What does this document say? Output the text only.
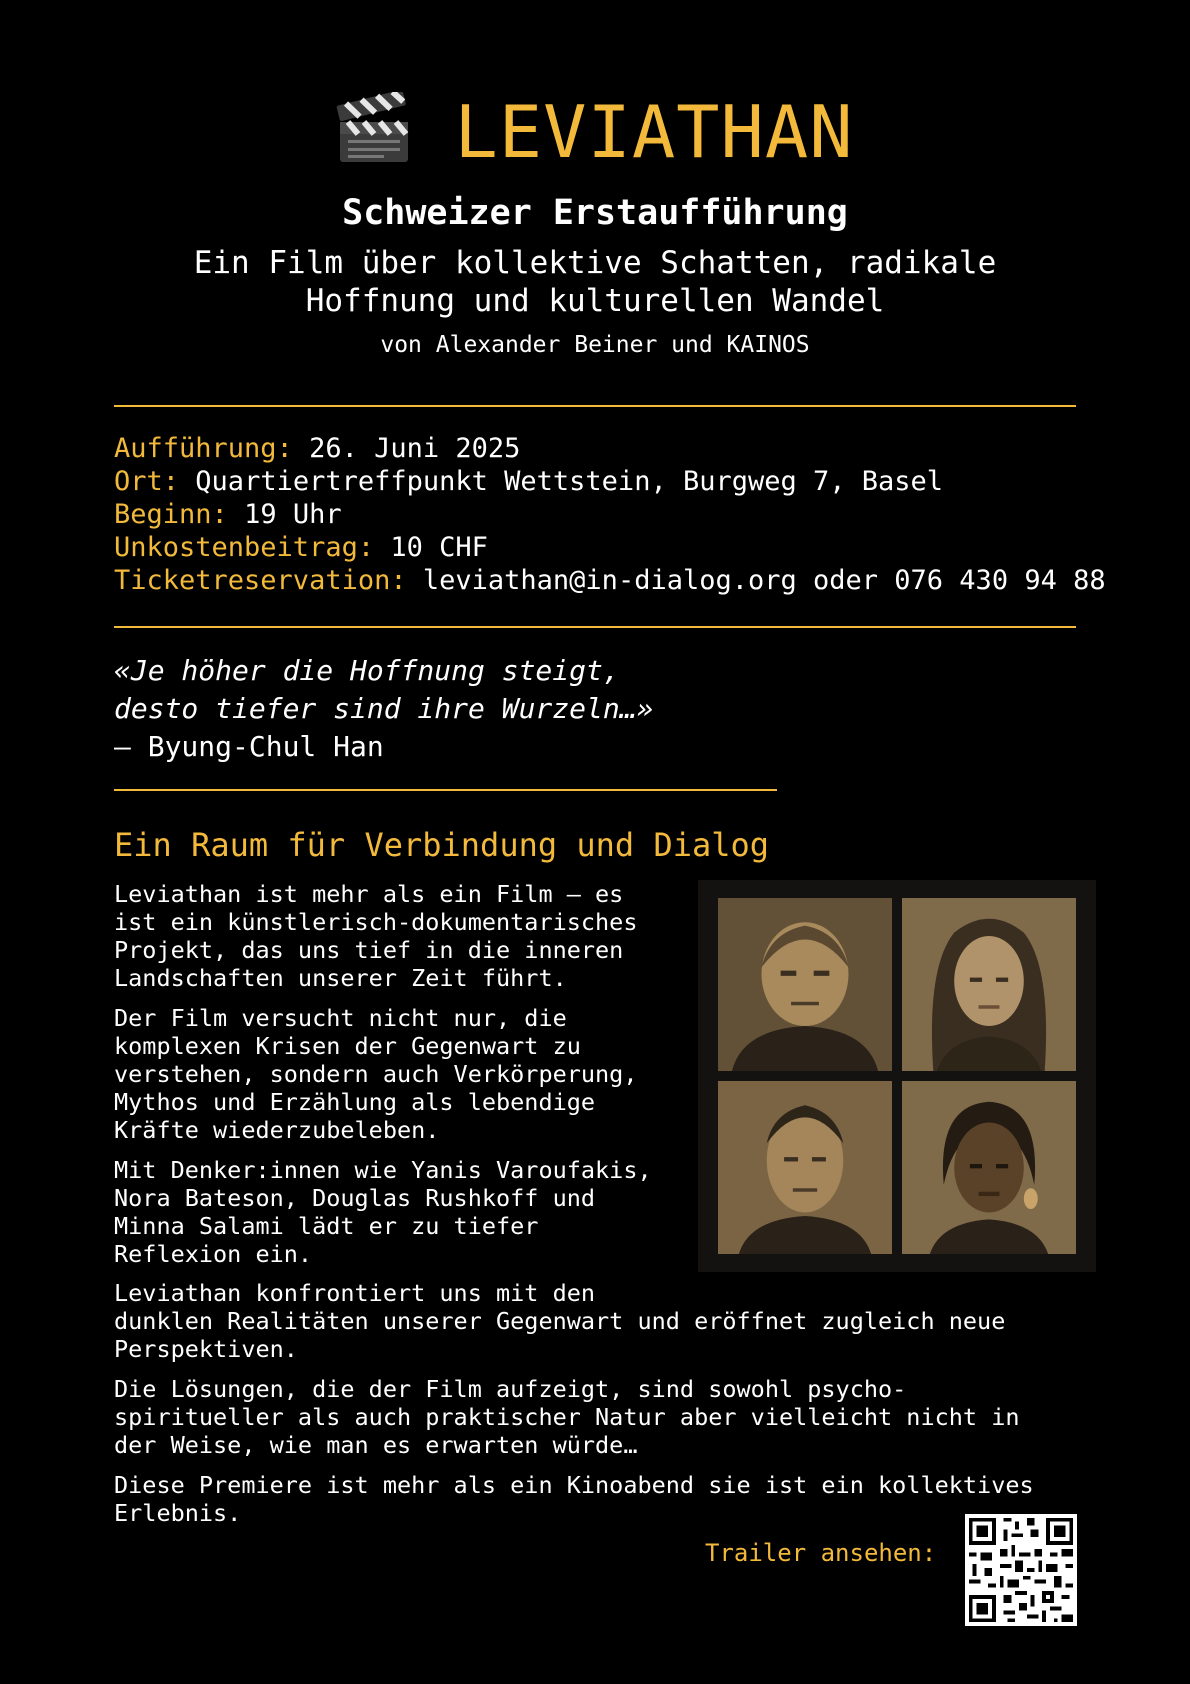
LEVIATHAN
Schweizer Erstaufführung
Ein Film über kollektive Schatten, radikale
Hoffnung und kulturellen Wandel
von Alexander Beiner und KAINOS
Aufführung: 26. Juni 2025
Ort: Quartiertreffpunkt Wettstein, Burgweg 7, Basel
Beginn: 19 Uhr
Unkostenbeitrag: 10 CHF
Ticketreservation: leviathan@in-dialog.org oder 076 430 94 88
«Je höher die Hoffnung steigt,
desto tiefer sind ihre Wurzeln…»
— Byung-Chul Han
Ein Raum für Verbindung und Dialog

Leviathan ist mehr als ein Film – es
ist ein künstlerisch-dokumentarisches
Projekt, das uns tief in die inneren
Landschaften unserer Zeit führt.

Der Film versucht nicht nur, die
komplexen Krisen der Gegenwart zu
verstehen, sondern auch Verkörperung,
Mythos und Erzählung als lebendige
Kräfte wiederzubeleben.

Mit Denker:innen wie Yanis Varoufakis,
Nora Bateson, Douglas Rushkoff und
Minna Salami lädt er zu tiefer
Reflexion ein.

Leviathan konfrontiert uns mit den
dunklen Realitäten unserer Gegenwart und eröffnet zugleich neue
Perspektiven.

Die Lösungen, die der Film aufzeigt, sind sowohl psycho-
spiritueller als auch praktischer Natur aber vielleicht nicht in
der Weise, wie man es erwarten würde…

Diese Premiere ist mehr als ein Kinoabend sie ist ein kollektives
Erlebnis.

Trailer ansehen:
